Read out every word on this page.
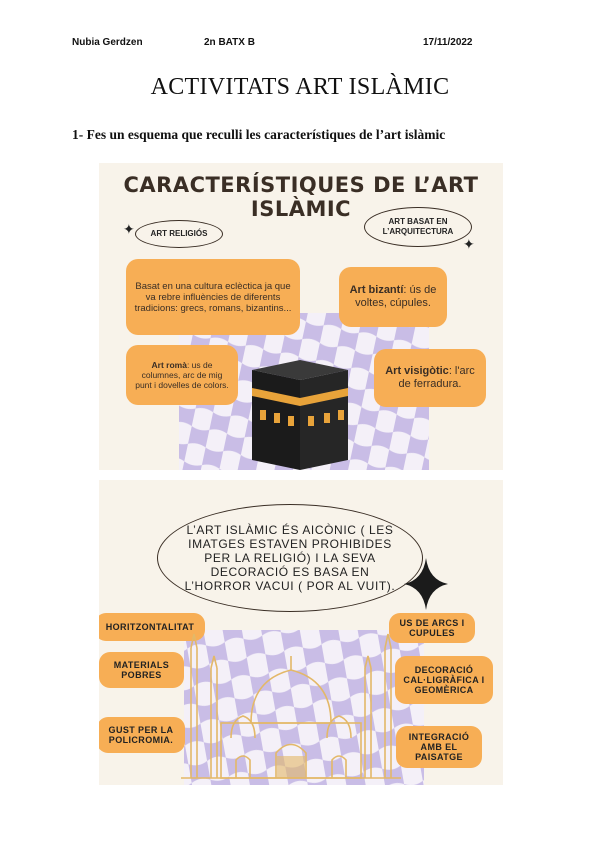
Nubia Gerdzen	2n BATX B	17/11/2022
ACTIVITATS ART ISLÀMIC
1- Fes un esquema que reculli les característiques de l’art islàmic
CARACTERÍSTIQUES DE L’ART
ISLÀMIC
✦	ART RELIGIÓS
ART BASAT EN L’ARQUITECTURA
✦
Basat en una cultura eclèctica ja que va rebre influències de diferents tradicions: grecs, romans, bizantins...
Art bizantí: ús de voltes, cúpules.
Art romà: us de columnes, arc de mig punt i dovelles de colors.
Art visigòtic: l'arc de ferradura.
L’ART ISLÀMIC ÉS AICÒNIC ( LES IMATGES ESTAVEN PROHIBIDES PER LA RELIGIÓ) I LA SEVA DECORACIÓ ES BASA EN L’HORROR VACUI ( POR AL VUIT).
HORITZONTALITAT
MATERIALS POBRES
GUST PER LA POLICROMIA.
US DE ARCS I CUPULES
DECORACIÓ CAL·LIGRÀFICA I GEOMÈRICA
INTEGRACIÓ AMB EL PAISATGE
